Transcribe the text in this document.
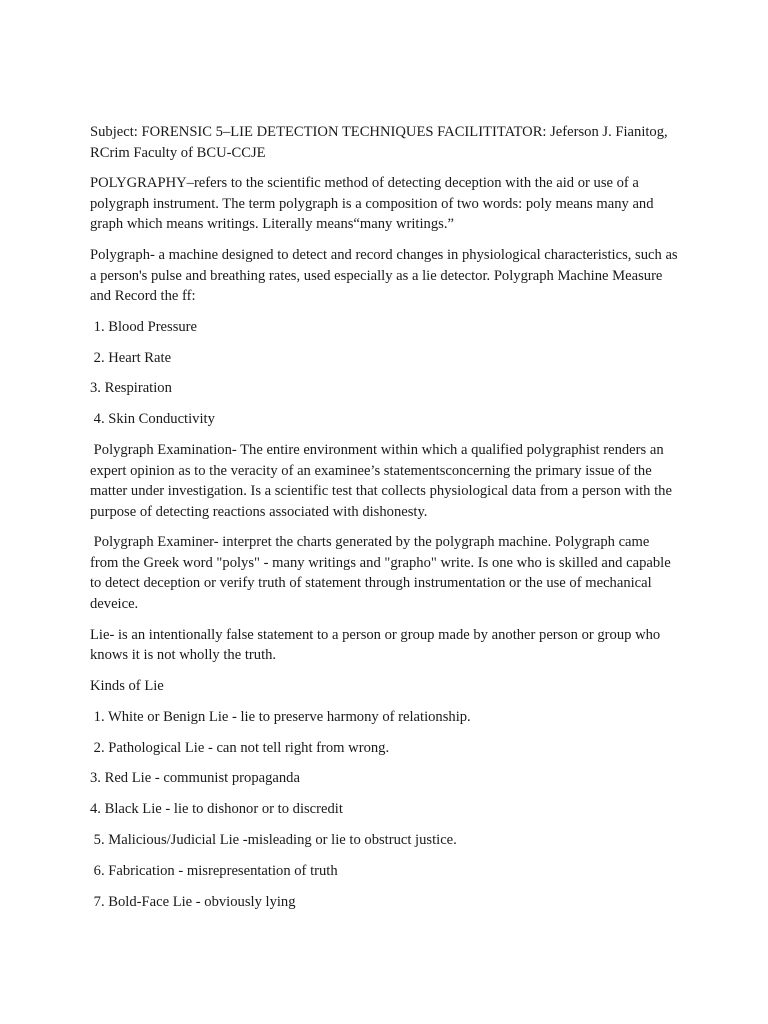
Subject: FORENSIC 5–LIE DETECTION TECHNIQUES FACILITITATOR: Jeferson J. Fianitog, RCrim Faculty of BCU-CCJE

POLYGRAPHY–refers to the scientific method of detecting deception with the aid or use of a polygraph instrument. The term polygraph is a composition of two words: poly means many and graph which means writings. Literally means“many writings.”

Polygraph- a machine designed to detect and record changes in physiological characteristics, such as a person's pulse and breathing rates, used especially as a lie detector. Polygraph Machine Measure and Record the ff:

1. Blood Pressure

2. Heart Rate

3. Respiration

4. Skin Conductivity

Polygraph Examination- The entire environment within which a qualified polygraphist renders an expert opinion as to the veracity of an examinee’s statementsconcerning the primary issue of the matter under investigation. Is a scientific test that collects physiological data from a person with the purpose of detecting reactions associated with dishonesty.

Polygraph Examiner- interpret the charts generated by the polygraph machine. Polygraph came from the Greek word "polys" - many writings and "grapho" write. Is one who is skilled and capable to detect deception or verify truth of statement through instrumentation or the use of mechanical deveice.

Lie- is an intentionally false statement to a person or group made by another person or group who knows it is not wholly the truth.

Kinds of Lie

1. White or Benign Lie - lie to preserve harmony of relationship.

2. Pathological Lie - can not tell right from wrong.

3. Red Lie - communist propaganda

4. Black Lie - lie to dishonor or to discredit

5. Malicious/Judicial Lie -misleading or lie to obstruct justice.

6. Fabrication - misrepresentation of truth

7. Bold-Face Lie - obviously lying
